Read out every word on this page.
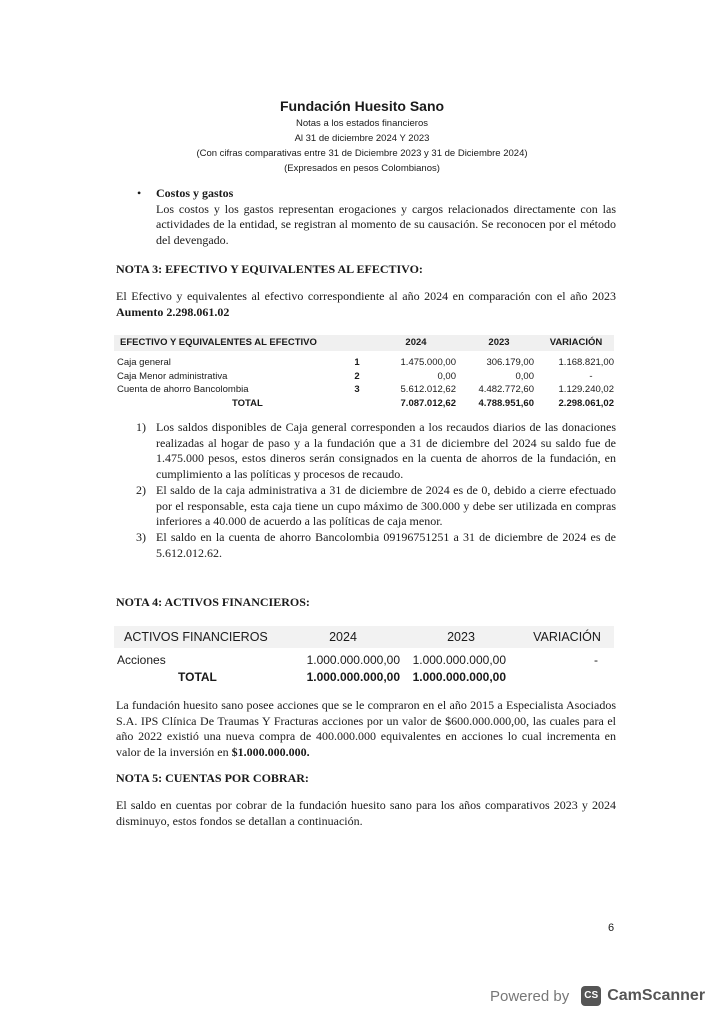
Fundación Huesito Sano
Notas a los estados financieros
Al 31 de diciembre 2024 Y 2023
(Con cifras comparativas entre 31 de Diciembre 2023 y 31 de Diciembre 2024)
(Expresados en pesos Colombianos)
• Costos y gastos
Los costos y los gastos representan erogaciones y cargos relacionados directamente con las actividades de la entidad, se registran al momento de su causación. Se reconocen por el método del devengado.
NOTA 3: EFECTIVO Y EQUIVALENTES AL EFECTIVO:
El Efectivo y equivalentes al efectivo correspondiente al año 2024 en comparación con el año 2023 Aumento 2.298.061.02
EFECTIVO Y EQUIVALENTES AL EFECTIVO		2024	2023	VARIACIÓN

Caja general	1	1.475.000,00	306.179,00	1.168.821,00
Caja Menor administrativa	2	0,00	0,00	-
Cuenta de ahorro Bancolombia	3	5.612.012,62	4.482.772,60	1.129.240,02
TOTAL		7.087.012,62	4.788.951,60	2.298.061,02
1) Los saldos disponibles de Caja general corresponden a los recaudos diarios de las donaciones realizadas al hogar de paso y a la fundación que a 31 de diciembre del 2024 su saldo fue de 1.475.000 pesos, estos dineros serán consignados en la cuenta de ahorros de la fundación, en cumplimiento a las políticas y procesos de recaudo.
2) El saldo de la caja administrativa a 31 de diciembre de 2024 es de 0, debido a cierre efectuado por el responsable, esta caja tiene un cupo máximo de 300.000 y debe ser utilizada en compras inferiores a 40.000 de acuerdo a las políticas de caja menor.
3) El saldo en la cuenta de ahorro Bancolombia 09196751251 a 31 de diciembre de 2024 es de 5.612.012.62.
NOTA 4: ACTIVOS FINANCIEROS:
ACTIVOS FINANCIEROS	2024	2023	VARIACIÓN

Acciones	1.000.000.000,00	1.000.000.000,00	-
TOTAL	1.000.000.000,00	1.000.000.000,00	
La fundación huesito sano posee acciones que se le compraron en el año 2015 a Especialista Asociados S.A. IPS Clínica De Traumas Y Fracturas acciones por un valor de $600.000.000,00, las cuales para el año 2022 existió una nueva compra de 400.000.000 equivalentes en acciones lo cual incrementa en valor de la inversión en $1.000.000.000.
NOTA 5: CUENTAS POR COBRAR:
El saldo en cuentas por cobrar de la fundación huesito sano para los años comparativos 2023 y 2024 disminuyo, estos fondos se detallan a continuación.
6
Powered by	CS CamScanner
